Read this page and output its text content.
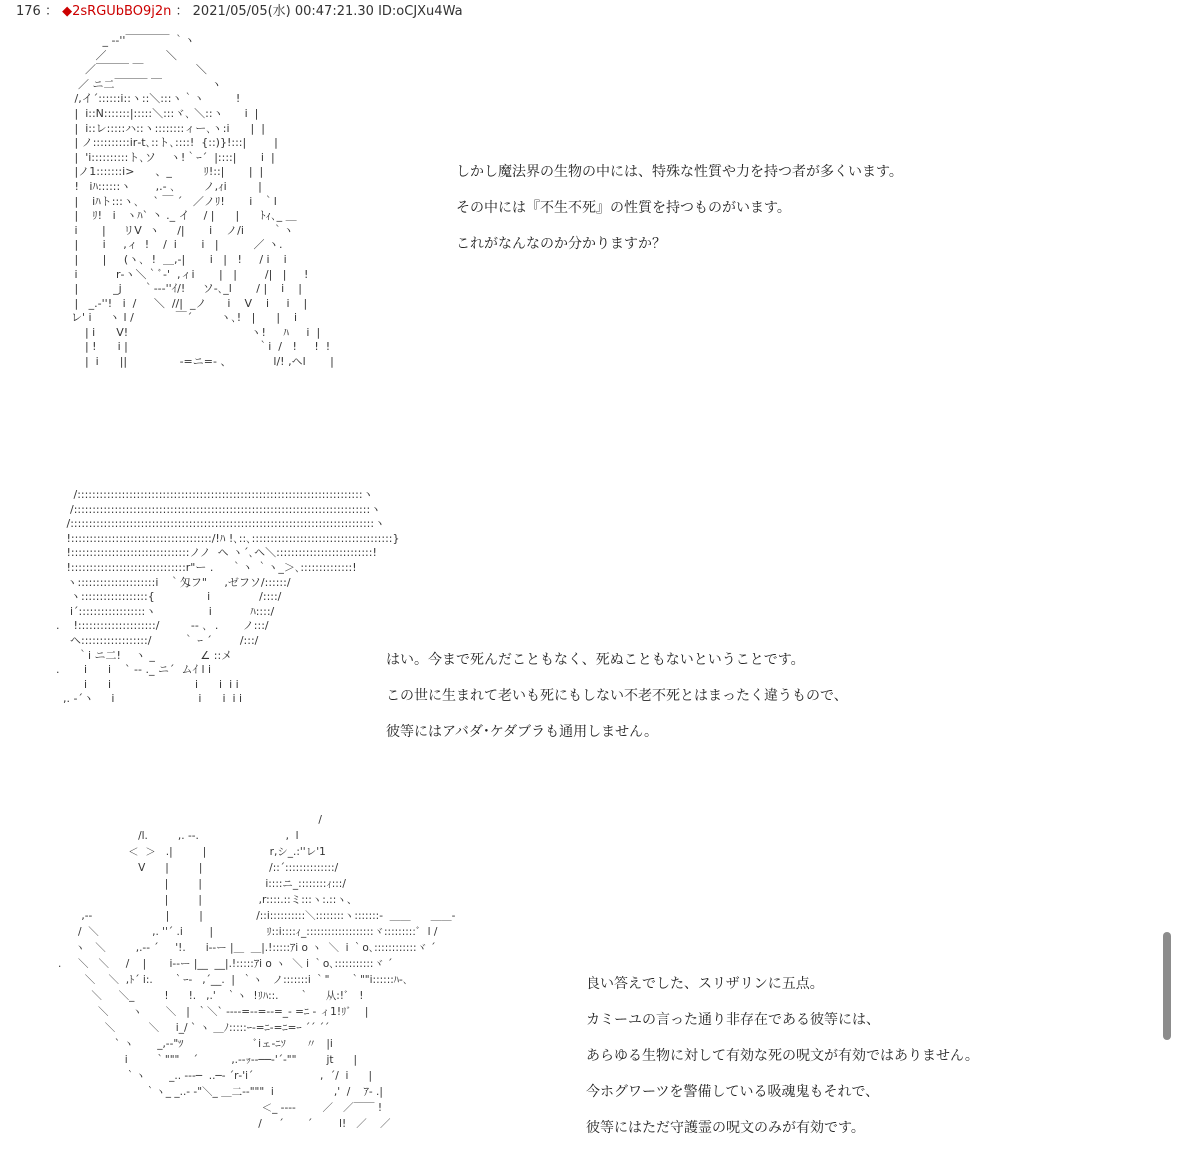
176 ： ◆2sRGUbBO9j2n ： 2021/05/05(水) 00:47:21.30 ID:oCJXu4Wa
_ -‐''￣￣￣￣ ｀ヽ
／                 ＼
／￣￣￣ ￣               ＼
／ ニ二￣￣￣ ￣              ヽ
/,イ´::::::i::ヽ::＼:::ヽ｀ヽ         !
|  i::N:::::::|:::::＼:::ヾ､ ＼::ヽ      i  |
|  i::レ:::::ハ::ヽ::::::::ィー､ヽ:i      |  |
| ノ::::::::::ir‐t､::ト､::::!  {::)}!:::|        |
|  'i::::::::::ト､ソ    ヽ!｀ｰ´  |::::|       i  |
|ノ1:::::::i>      、_         ﾘ!::|       |  |
!   iﾊ::::::ヽ       ,.- ､        ノ,ｨi         |
|    iﾊト:::ヽ､    ` ￣ ´   ／ノﾘ!       i   ｀l
|    ﾘ!   i   ヽﾊ` 丶 ._ イ    / |      |      ﾄｨ､_ ＿
i       |     リV  ヽ     /|       i    ノ/i        ｀ヽ
|       i     ,ィ  !    /  i       i   |          ／ ヽ.
|       |     (ヽ､  !  ＿,-|       i   |   !     / i    i
i           r‐ヽ＼｀ﾞ‐'  ,ィi       |   |        /|   |     !
|          _j      ｀‐-‐''ｲ/!     ソ-､_l       / |    i    |
|   _.‐''!   i  /     ＼  //|  _ノ      i    V    i     i    |
レ' i     ヽ l /            ￣´        ヽ､!   |      |    i
| i      V!                                   ヽ!     ﾊ     i  |
| !      i |                                     ｀i  /   !     !  !
|  i      ||               ‐=ニ=- 、            l/! ,ヘl       |
しかし魔法界の生物の中には、特殊な性質や力を持つ者が多くいます。
その中には『不生不死』の性質を持つものがいます。
これがなんなのか分かりますか？
/:::::::::::::::::::::::::::::::::::::::::::::::::::::::::::::::::::::::::::::ヽ
/::::::::::::::::::::::::::::::::::::::::::::::::::::::::::::::::::::::::::::::::ヽ
/::::::::::::::::::::::::::::::::::::::::::::::::::::::::::::::::::::::::::::::::::ヽ
!::::::::::::::::::::::::::::::::::::::/!ﾊ !､::､::::::::::::::::::::::::::::::::::::::}
!::::::::::::::::::::::::::::::::ノノ  ヘ ヽ´､ヘ＼::::::::::::::::::::::::::!
!:::::::::::::::::::::::::::::::r"ー .     ｀ヽ ｀ヽ_＞､::::::::::::::!
ヽ:::::::::::::::::::::i   ｀匁フ"     ,ゼフソ/::::::/
ヽ::::::::::::::::::{               i              /::::/
i´::::::::::::::::::ヽ               i           ﾊ::::/
.    !:::::::::::::::::::::/         -‐ ､  .       ノ:::/
ヘ::::::::::::::::::/         ｀ ｰ ´        /:::/
｀i ニ二!    ヽ _             ∠ ::メ
.       i      i    ` ‐- ._ ニ´  ムｲ l i
i      i                        i      i  i i
,. -´ヽ     i                        i      i  i i
はい。今まで死んだこともなく、死ぬこともないということです。
この世に生まれて老いも死にもしない不老不死とはまったく違うもので、
彼等にはアバダ･ケダブラも通用しません。
/
/l.         ,. ‐‐.                          ,  l
＜  ＞   .|         |                   r,シ_.:''レ'1
V      |         |                    /::´::::::::::::::/
|         |                   i::::ニ_::::::::ｨ:::/
|         |                 ,r::::.::ミ:::ヽ:.::ヽ、
,-‐                      |         |                /::i::::::::::＼::::::::ヽ:::::::-  ＿＿      ＿＿-
/  ＼                ,. ''´ .i        |                ﾘ::i::::ｨ_:::::::::::::::::::ヾ:::::::::ﾞ  l /
ヽ   ＼         ,.‐‐ ´     '!.      i‐‐ー |＿  ＿|.!:::::ｱi o ヽ  ＼  i ｀o､::::::::::::ヾ ´
.     ＼   ＼     /    |       i‐‐ー |__  __|.!:::::ｱi o ヽ  ＼ i ｀o､:::::::::::ヾ ´
＼    ＼  ,ﾄ´ i:.      ｀ｰ‐   ,´__.  |  ｀ヽ   ノ:::::::i ｀"      ｀""i::::::ﾊ-､
＼     ＼_         !      !.   ,.'   ｀ヽ  !ﾘﾊ::.      ｀     从:!ﾞ   !
＼       ヽ       ＼   |  ｀＼` ‐-‐‐=‐‐=‐‐=_- =ﾆ - ィ1!ﾘﾞ    |
＼          ＼     i_/ ` ヽ ＿ﾉ:::::ｰ‐=ﾆ-=ﾆ=ｰ ´´ ´´
` ヽ       _,-‐"ﾂ                     ﾞiェ-ﾆｿ      〃   |i
i        ｀"""    ´          ,.-‐ｯ‐‐──‐'´‐""         jt      |
｀ヽ       _.. -‐-─  ..─‐ ´r‐'i´                    ,  ´/  i      |
｀ヽ_ _..- ‐"＼_ ＿二-‐"""  i                  ,'  /    ｱ‐ .|
＜_ -‐-‐        ／   ／￣￣ !
/     ´       ´        l!   ／    ／
良い答えでした、スリザリンに五点。
カミーユの言った通り非存在である彼等には、
あらゆる生物に対して有効な死の呪文が有効ではありません。
今ホグワーツを警備している吸魂鬼もそれで、
彼等にはただ守護霊の呪文のみが有効です。
